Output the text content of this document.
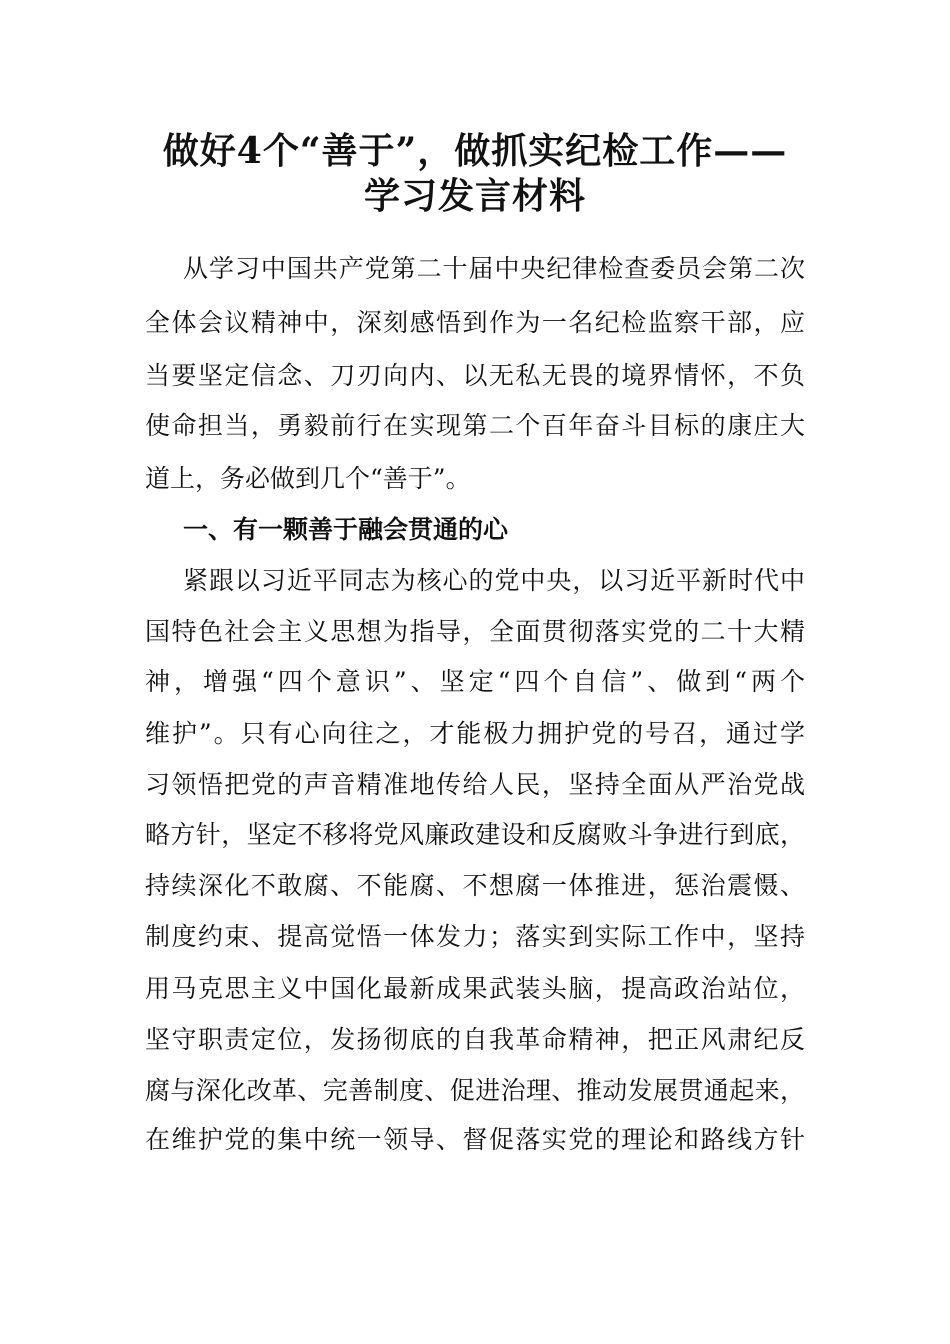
做好4个“善于”，做抓实纪检工作——
学习发言材料
从学习中国共产党第二十届中央纪律检查委员会第二次
全体会议精神中，深刻感悟到作为一名纪检监察干部，应
当要坚定信念、刀刃向内、以无私无畏的境界情怀，不负
使命担当，勇毅前行在实现第二个百年奋斗目标的康庄大
道上，务必做到几个“善于”。
一、有一颗善于融会贯通的心
紧跟以习近平同志为核心的党中央，以习近平新时代中
国特色社会主义思想为指导，全面贯彻落实党的二十大精
神，增强“四个意识”、坚定“四个自信”、做到“两个
维护”。只有心向往之，才能极力拥护党的号召，通过学
习领悟把党的声音精准地传给人民，坚持全面从严治党战
略方针，坚定不移将党风廉政建设和反腐败斗争进行到底，
持续深化不敢腐、不能腐、不想腐一体推进，惩治震慑、
制度约束、提高觉悟一体发力；落实到实际工作中，坚持
用马克思主义中国化最新成果武装头脑，提高政治站位，
坚守职责定位，发扬彻底的自我革命精神，把正风肃纪反
腐与深化改革、完善制度、促进治理、推动发展贯通起来，
在维护党的集中统一领导、督促落实党的理论和路线方针
